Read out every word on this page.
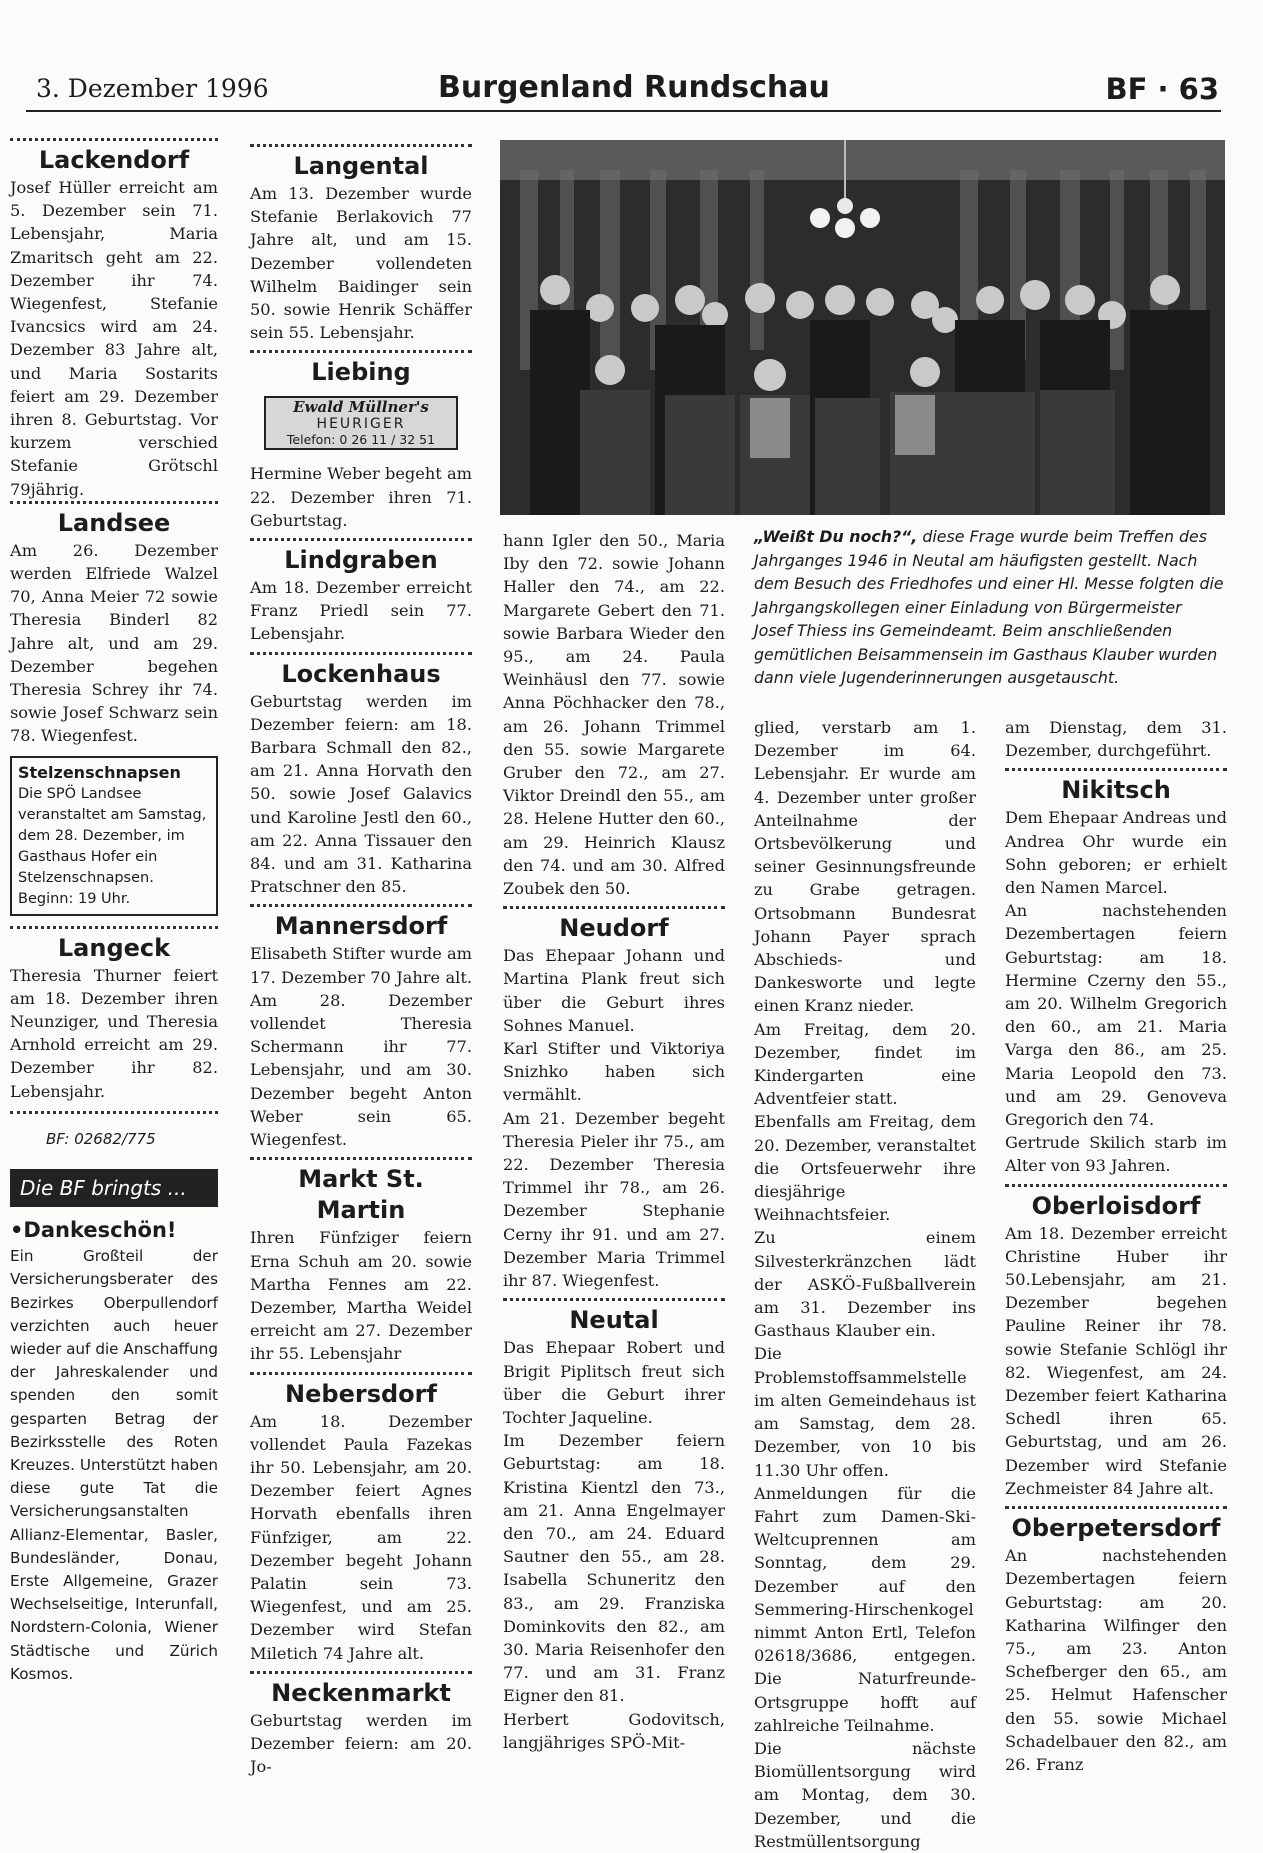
3. Dezember 1996	Burgenland Rundschau	BF · 63
Lackendorf
Josef Hüller erreicht am 5. Dezember sein 71. Lebensjahr, Maria Zmaritsch geht am 22. Dezember ihr 74. Wiegenfest, Stefanie Ivancsics wird am 24. Dezember 83 Jahre alt, und Maria Sostarits feiert am 29. Dezember ihren 8. Geburtstag. Vor kurzem verschied Stefanie Grötschl 79jährig.
Landsee
Am 26. Dezember werden Elfriede Walzel 70, Anna Meier 72 sowie Theresia Binderl 82 Jahre alt, und am 29. Dezember begehen Theresia Schrey ihr 74. sowie Josef Schwarz sein 78. Wiegenfest.
Stelzenschnapsen
Die SPÖ Landsee veranstaltet am Samstag, dem 28. Dezember, im Gasthaus Hofer ein Stelzenschnapsen. Beginn: 19 Uhr.
Langeck
Theresia Thurner feiert am 18. Dezember ihren Neunziger, und Theresia Arnhold erreicht am 29. Dezember ihr 82. Lebensjahr.
BF: 02682/775
Die BF bringts ...
•Dankeschön!
Ein Großteil der Versicherungsberater des Bezirkes Oberpullendorf verzichten auch heuer wieder auf die Anschaffung der Jahreskalender und spenden den somit gesparten Betrag der Bezirksstelle des Roten Kreuzes. Unterstützt haben diese gute Tat die Versicherungsanstalten Allianz-Elementar, Basler, Bundesländer, Donau, Erste Allgemeine, Grazer Wechselseitige, Interunfall, Nordstern-Colonia, Wiener Städtische und Zürich Kosmos.
Langental
Am 13. Dezember wurde Stefanie Berlakovich 77 Jahre alt, und am 15. Dezember vollendeten Wilhelm Baidinger sein 50. sowie Henrik Schäffer sein 55. Lebensjahr.
Liebing
Ewald Müllner's
HEURIGER
Telefon: 0 26 11 / 32 51
Hermine Weber begeht am 22. Dezember ihren 71. Geburtstag.
Lindgraben
Am 18. Dezember erreicht Franz Priedl sein 77. Lebensjahr.
Lockenhaus
Geburtstag werden im Dezember feiern: am 18. Barbara Schmall den 82., am 21. Anna Horvath den 50. sowie Josef Galavics und Karoline Jestl den 60., am 22. Anna Tissauer den 84. und am 31. Katharina Pratschner den 85.
Mannersdorf
Elisabeth Stifter wurde am 17. Dezember 70 Jahre alt. Am 28. Dezember vollendet Theresia Schermann ihr 77. Lebensjahr, und am 30. Dezember begeht Anton Weber sein 65. Wiegenfest.
Markt St. Martin
Ihren Fünfziger feiern Erna Schuh am 20. sowie Martha Fennes am 22. Dezember, Martha Weidel erreicht am 27. Dezember ihr 55. Lebensjahr
Nebersdorf
Am 18. Dezember vollendet Paula Fazekas ihr 50. Lebensjahr, am 20. Dezember feiert Agnes Horvath ebenfalls ihren Fünfziger, am 22. Dezember begeht Johann Palatin sein 73. Wiegenfest, und am 25. Dezember wird Stefan Miletich 74 Jahre alt.
Neckenmarkt
Geburtstag werden im Dezember feiern: am 20. Jo-
„Weißt Du noch?“, diese Frage wurde beim Treffen des Jahrganges 1946 in Neutal am häufigsten gestellt. Nach dem Besuch des Friedhofes und einer Hl. Messe folgten die Jahrgangskollegen einer Einladung von Bürgermeister Josef Thiess ins Gemeindeamt. Beim anschließenden gemütlichen Beisammensein im Gasthaus Klauber wurden dann viele Jugenderinnerungen ausgetauscht.
hann Igler den 50., Maria Iby den 72. sowie Johann Haller den 74., am 22. Margarete Gebert den 71. sowie Barbara Wieder den 95., am 24. Paula Weinhäusl den 77. sowie Anna Pöchhacker den 78., am 26. Johann Trimmel den 55. sowie Margarete Gruber den 72., am 27. Viktor Dreindl den 55., am 28. Helene Hutter den 60., am 29. Heinrich Klausz den 74. und am 30. Alfred Zoubek den 50.
Neudorf
Das Ehepaar Johann und Martina Plank freut sich über die Geburt ihres Sohnes Manuel.
Karl Stifter und Viktoriya Snizhko haben sich vermählt.
Am 21. Dezember begeht Theresia Pieler ihr 75., am 22. Dezember Theresia Trimmel ihr 78., am 26. Dezember Stephanie Cerny ihr 91. und am 27. Dezember Maria Trimmel ihr 87. Wiegenfest.
Neutal
Das Ehepaar Robert und Brigit Piplitsch freut sich über die Geburt ihrer Tochter Jaqueline.
Im Dezember feiern Geburtstag: am 18. Kristina Kientzl den 73., am 21. Anna Engelmayer den 70., am 24. Eduard Sautner den 55., am 28. Isabella Schuneritz den 83., am 29. Franziska Dominkovits den 82., am 30. Maria Reisenhofer den 77. und am 31. Franz Eigner den 81.
Herbert Godovitsch, langjähriges SPÖ-Mit-
glied, verstarb am 1. Dezember im 64. Lebensjahr. Er wurde am 4. Dezember unter großer Anteilnahme der Ortsbevölkerung und seiner Gesinnungsfreunde zu Grabe getragen. Ortsobmann Bundesrat Johann Payer sprach Abschieds- und Dankesworte und legte einen Kranz nieder.
Am Freitag, dem 20. Dezember, findet im Kindergarten eine Adventfeier statt.
Ebenfalls am Freitag, dem 20. Dezember, veranstaltet die Ortsfeuerwehr ihre diesjährige Weihnachtsfeier.
Zu einem Silvesterkränzchen lädt der ASKÖ-Fußballverein am 31. Dezember ins Gasthaus Klauber ein.
Die Problemstoffsammelstelle im alten Gemeindehaus ist am Samstag, dem 28. Dezember, von 10 bis 11.30 Uhr offen.
Anmeldungen für die Fahrt zum Damen-Ski-Weltcuprennen am Sonntag, dem 29. Dezember auf den Semmering-Hirschenkogel nimmt Anton Ertl, Telefon 02618/3686, entgegen. Die Naturfreunde-Ortsgruppe hofft auf zahlreiche Teilnahme.
Die nächste Biomüllentsorgung wird am Montag, dem 30. Dezember, und die Restmüllentsorgung
am Dienstag, dem 31. Dezember, durchgeführt.
Nikitsch
Dem Ehepaar Andreas und Andrea Ohr wurde ein Sohn geboren; er erhielt den Namen Marcel.
An nachstehenden Dezembertagen feiern Geburtstag: am 18. Hermine Czerny den 55., am 20. Wilhelm Gregorich den 60., am 21. Maria Varga den 86., am 25. Maria Leopold den 73. und am 29. Genoveva Gregorich den 74.
Gertrude Skilich starb im Alter von 93 Jahren.
Oberloisdorf
Am 18. Dezember erreicht Christine Huber ihr 50.Lebensjahr, am 21. Dezember begehen Pauline Reiner ihr 78. sowie Stefanie Schlögl ihr 82. Wiegenfest, am 24. Dezember feiert Katharina Schedl ihren 65. Geburtstag, und am 26. Dezember wird Stefanie Zechmeister 84 Jahre alt.
Oberpetersdorf
An nachstehenden Dezembertagen feiern Geburtstag: am 20. Katharina Wilfinger den 75., am 23. Anton Schefberger den 65., am 25. Helmut Hafenscher den 55. sowie Michael Schadelbauer den 82., am 26. Franz
